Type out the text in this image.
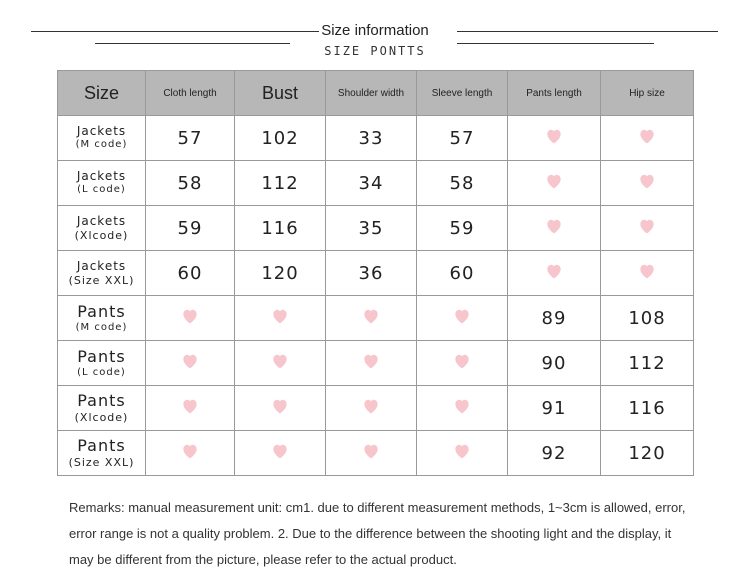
Size information
SIZE PONTTS
Size	Cloth length	Bust	Shoulder width	Sleeve length	Pants length	Hip size

Jackets
(M code)	57	102	33	57		

Jackets
(L code)	58	112	34	58		

Jackets
(Xlcode)	59	116	35	59		

Jackets
(Size XXL)	60	120	36	60		

Pants
(M code)					89	108

Pants
(L code)					90	112

Pants
(Xlcode)					91	116

Pants
(Size XXL)					92	120
Remarks: manual measurement unit: cm1. due to different measurement methods, 1~3cm is allowed, error, error range is not a quality problem. 2. Due to the difference between the shooting light and the display, it may be different from the picture, please refer to the actual product.
